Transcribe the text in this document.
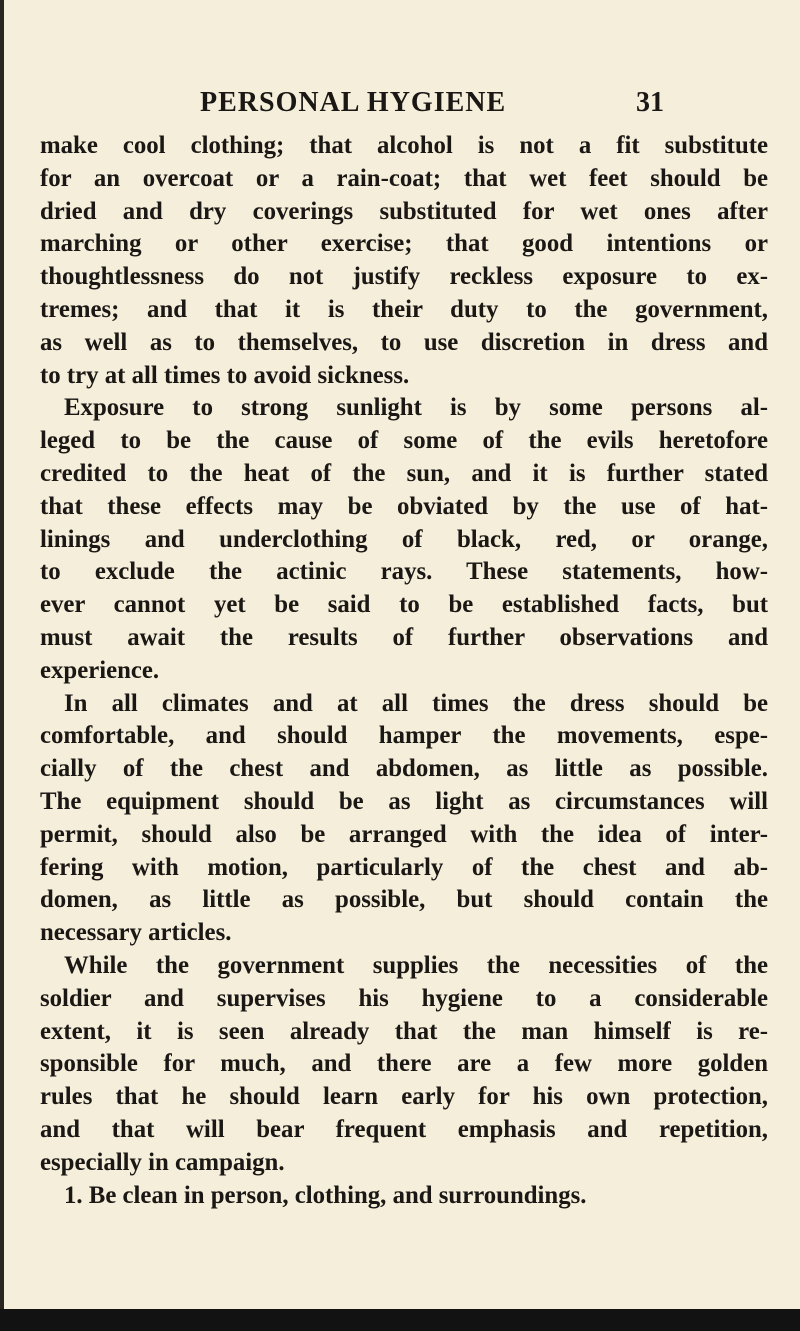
PERSONAL HYGIENE	31
make cool clothing; that alcohol is not a fit substitute
for an overcoat or a rain-coat; that wet feet should be
dried and dry coverings substituted for wet ones after
marching or other exercise; that good intentions or
thoughtlessness do not justify reckless exposure to ex-
tremes; and that it is their duty to the government,
as well as to themselves, to use discretion in dress and
to try at all times to avoid sickness.
Exposure to strong sunlight is by some persons al-
leged to be the cause of some of the evils heretofore
credited to the heat of the sun, and it is further stated
that these effects may be obviated by the use of hat-
linings and underclothing of black, red, or orange,
to exclude the actinic rays. These statements, how-
ever cannot yet be said to be established facts, but
must await the results of further observations and
experience.
In all climates and at all times the dress should be
comfortable, and should hamper the movements, espe-
cially of the chest and abdomen, as little as possible.
The equipment should be as light as circumstances will
permit, should also be arranged with the idea of inter-
fering with motion, particularly of the chest and ab-
domen, as little as possible, but should contain the
necessary articles.
While the government supplies the necessities of the
soldier and supervises his hygiene to a considerable
extent, it is seen already that the man himself is re-
sponsible for much, and there are a few more golden
rules that he should learn early for his own protection,
and that will bear frequent emphasis and repetition,
especially in campaign.
1. Be clean in person, clothing, and surroundings.
